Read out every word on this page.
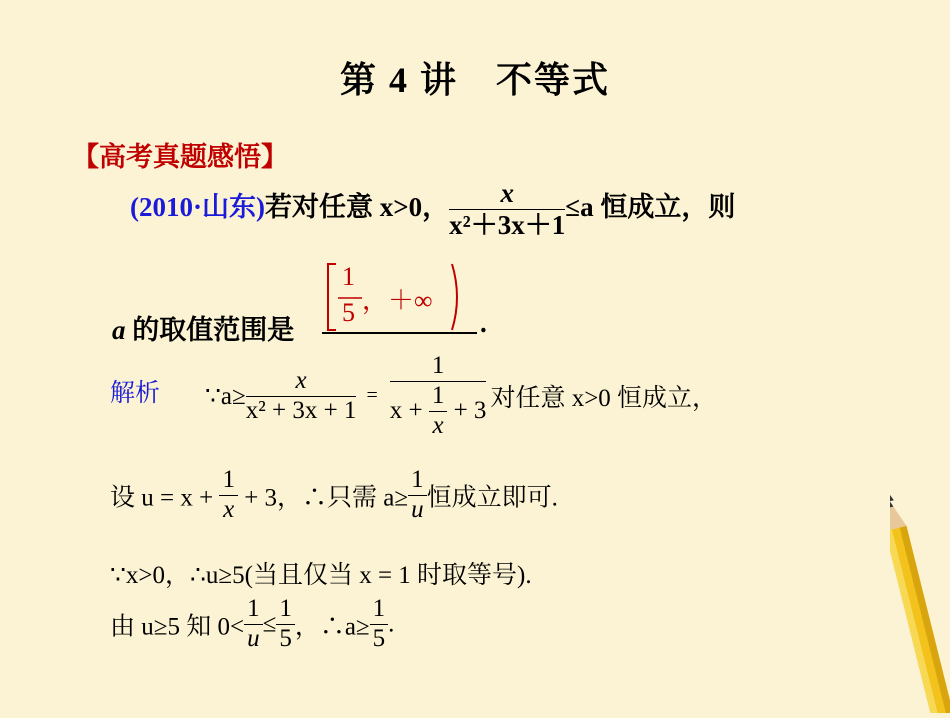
第 4 讲　不等式
【高考真题感悟】
(2010·山东)若对任意 x>0， $\frac{x}{\text{x²＋3x＋1}} \le a$ 恒成立，则
1
5 ，＋∞
a 的取值范围是	.
解析 ∵a≥ $\frac{x}{\text{x² + 3x + 1}} = \frac{1}{x + \frac{1}{x} + 3}$ 对任意 x>0 恒成立，
设 $u = x + \frac{1}{x} + 3$，∴只需 $a\ge \frac{1}{u}$ 恒成立即可.
∵x>0，∴u≥5(当且仅当 x = 1 时取等号).
由 u≥5 知 $0< \frac{1}{u} \le \frac{1}{5}$ ，∴a≥ $\frac{1}{5}$ .
